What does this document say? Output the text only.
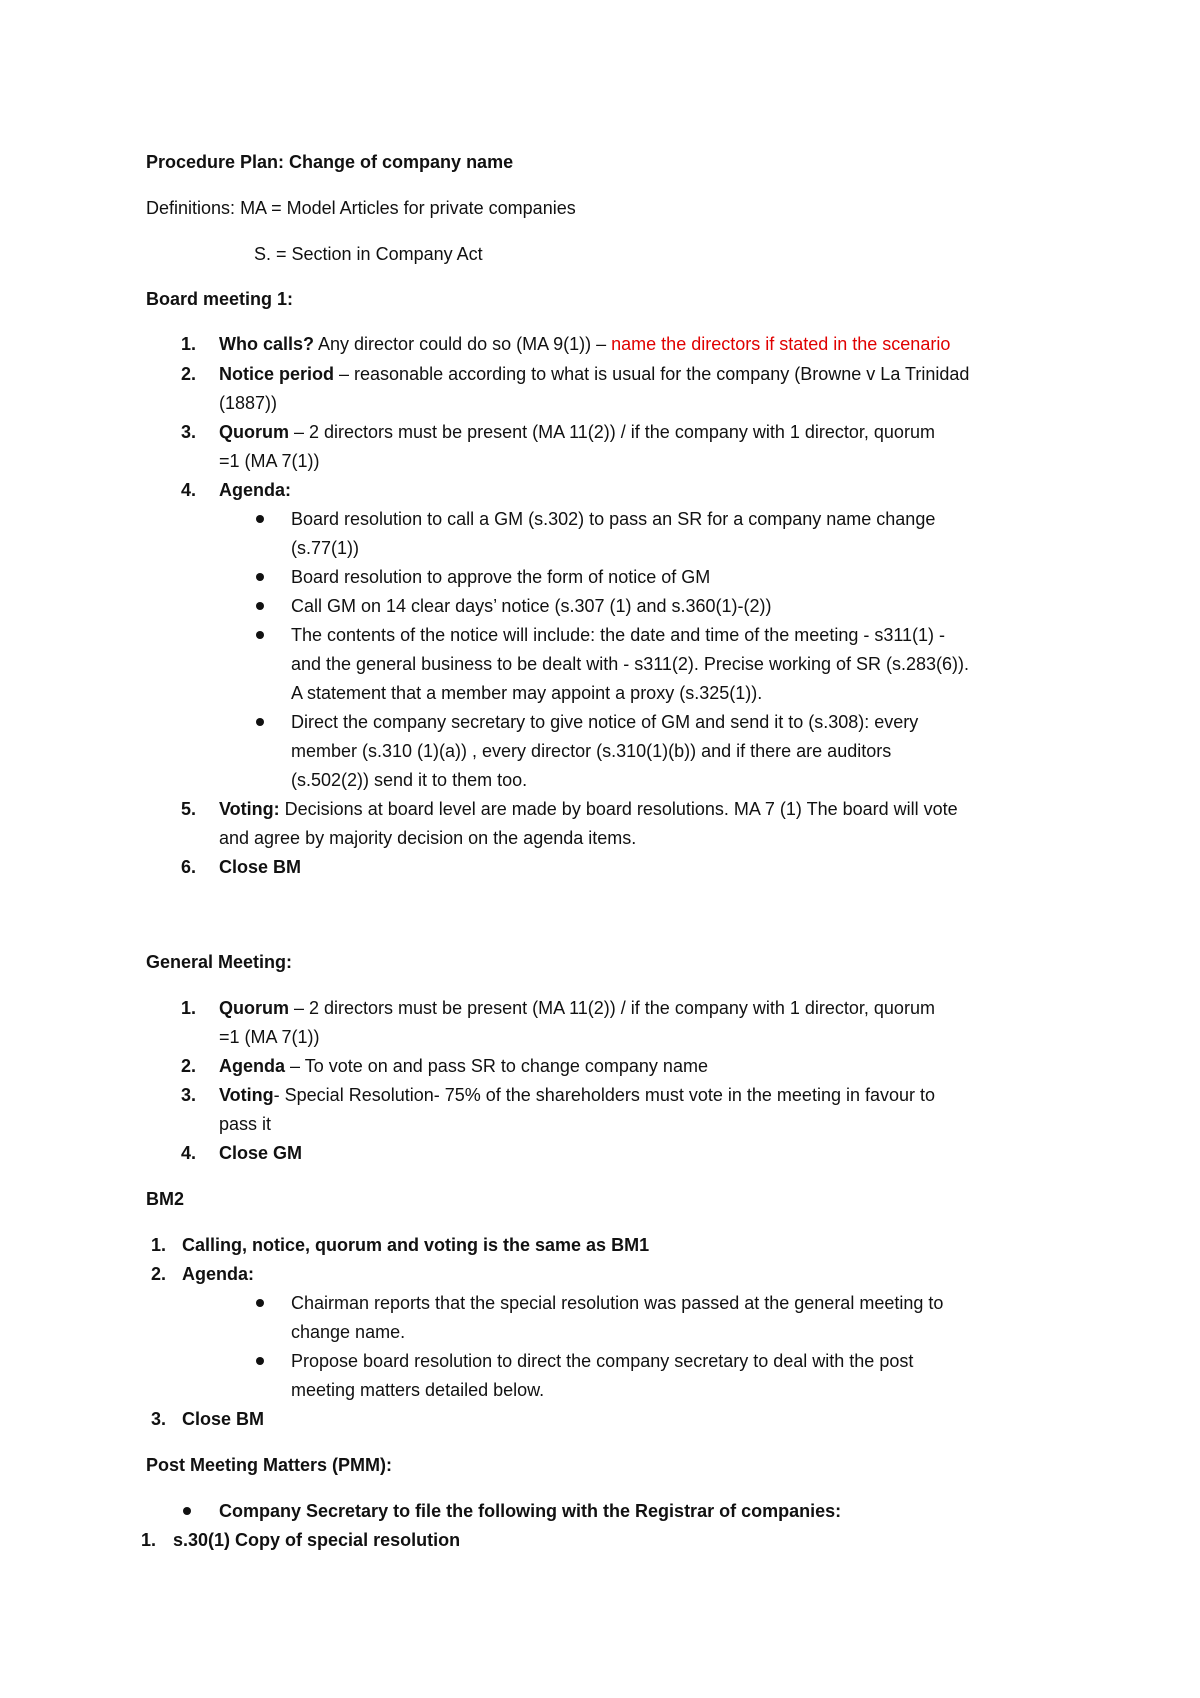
Procedure Plan: Change of company name
Definitions: MA = Model Articles for private companies
S. = Section in Company Act
Board meeting 1:
1. Who calls? Any director could do so (MA 9(1)) – name the directors if stated in the scenario
2. Notice period – reasonable according to what is usual for the company (Browne v La Trinidad
(1887))
3. Quorum – 2 directors must be present (MA 11(2)) / if the company with 1 director, quorum
=1 (MA 7(1))
4. Agenda:
Board resolution to call a GM (s.302) to pass an SR for a company name change
(s.77(1))
Board resolution to approve the form of notice of GM
Call GM on 14 clear days’ notice (s.307 (1) and s.360(1)-(2))
The contents of the notice will include: the date and time of the meeting - s311(1) -
and the general business to be dealt with - s311(2). Precise working of SR (s.283(6)).
A statement that a member may appoint a proxy (s.325(1)).
Direct the company secretary to give notice of GM and send it to (s.308): every
member (s.310 (1)(a)) , every director (s.310(1)(b)) and if there are auditors
(s.502(2)) send it to them too.
5. Voting: Decisions at board level are made by board resolutions. MA 7 (1) The board will vote
and agree by majority decision on the agenda items.
6. Close BM
General Meeting:
1. Quorum – 2 directors must be present (MA 11(2)) / if the company with 1 director, quorum
=1 (MA 7(1))
2. Agenda – To vote on and pass SR to change company name
3. Voting- Special Resolution- 75% of the shareholders must vote in the meeting in favour to
pass it
4. Close GM
BM2
1. Calling, notice, quorum and voting is the same as BM1
2. Agenda:
Chairman reports that the special resolution was passed at the general meeting to
change name.
Propose board resolution to direct the company secretary to deal with the post
meeting matters detailed below.
3. Close BM
Post Meeting Matters (PMM):
Company Secretary to file the following with the Registrar of companies:
1. s.30(1) Copy of special resolution
